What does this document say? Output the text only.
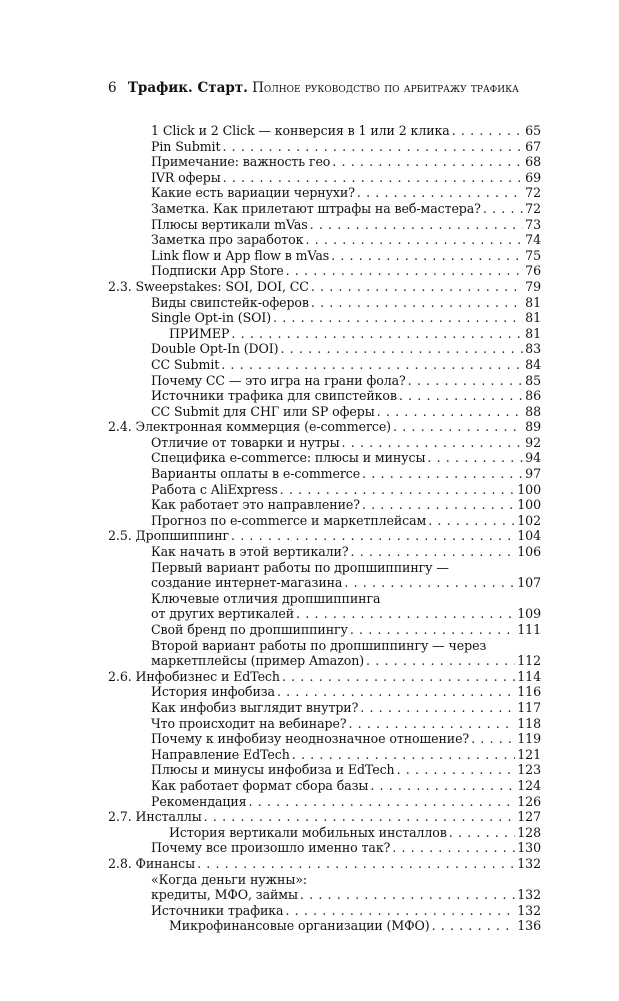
6 Трафик. Старт. Полное руководство по арбитражу трафика
1 Click и 2 Click — конверсия в 1 или 2 клика . . .	65
Pin Submit . . .	67
Примечание: важность гео . . .	68
IVR оферы . . .	69
Какие есть вариации чернухи? . . .	72
Заметка. Как прилетают штрафы на веб-мастера? . . .	72
Плюсы вертикали mVas . . .	73
Заметка про заработок . . .	74
Link flow и App flow в mVas . . .	75
Подписки App Store . . .	76
2.3. Sweepstakes: SOI, DOI, CC . . .	79
Виды свипстейк-оферов . . .	81
Single Opt-in (SOI) . . .	81
ПРИМЕР . . .	81
Double Opt-In (DOI) . . .	83
CC Submit . . .	84
Почему CC — это игра на грани фола? . . .	85
Источники трафика для свипстейков . . .	86
CC Submit для СНГ или SP оферы . . .	88
2.4. Электронная коммерция (e-commerce) . . .	89
Отличие от товарки и нутры . . .	92
Специфика e-commerce: плюсы и минусы . . .	94
Варианты оплаты в e-commerce . . .	97
Работа с AliExpress . . .	100
Как работает это направление? . . .	100
Прогноз по e-commerce и маркетплейсам . . .	102
2.5. Дропшиппинг . . .	104
Как начать в этой вертикали? . . .	106
Первый вариант работы по дропшиппингу —
создание интернет-магазина . . .	107
Ключевые отличия дропшиппинга
от других вертикалей . . .	109
Свой бренд по дропшиппингу . . .	111
Второй вариант работы по дропшиппингу — через
маркетплейсы (пример Amazon) . . .	112
2.6. Инфобизнес и EdTech . . .	114
История инфобиза . . .	116
Как инфобиз выглядит внутри? . . .	117
Что происходит на вебинаре? . . .	118
Почему к инфобизу неоднозначное отношение? . . .	119
Направление EdTech . . .	121
Плюсы и минусы инфобиза и EdTech . . .	123
Как работает формат сбора базы . . .	124
Рекомендация . . .	126
2.7. Инсталлы . . .	127
История вертикали мобильных инсталлов . . .	128
Почему все произошло именно так? . . .	130
2.8. Финансы . . .	132
«Когда деньги нужны»:
кредиты, МФО, займы . . .	132
Источники трафика . . .	132
Микрофинансовые организации (МФО) . . .	136
